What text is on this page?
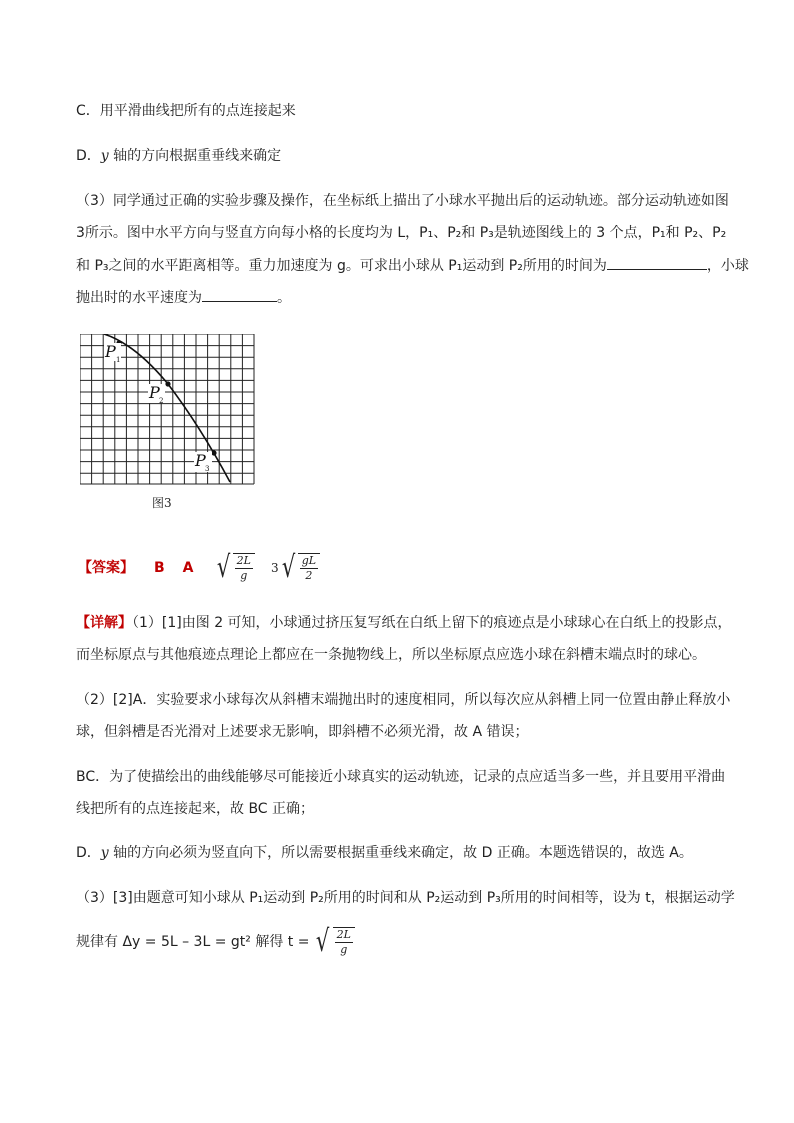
C．用平滑曲线把所有的点连接起来
D．y 轴的方向根据重垂线来确定
（3）同学通过正确的实验步骤及操作，在坐标纸上描出了小球水平抛出后的运动轨迹。部分运动轨迹如图
3所示。图中水平方向与竖直方向每小格的长度均为 L，P₁、P₂和 P₃是轨迹图线上的 3 个点，P₁和 P₂、P₂
和 P₃之间的水平距离相等。重力加速度为 g。可求出小球从 P₁运动到 P₂所用的时间为	，小球
抛出时的水平速度为	。
P 1
P 2
P 3
图3
【答案】 B A √ $\frac{2L}{g} 3$ √ $\frac{gL}{2}$
【详解】（1）[1]由图 2 可知，小球通过挤压复写纸在白纸上留下的痕迹点是小球球心在白纸上的投影点，
而坐标原点与其他痕迹点理论上都应在一条抛物线上，所以坐标原点应选小球在斜槽末端点时的球心。
（2）[2]A．实验要求小球每次从斜槽末端抛出时的速度相同，所以每次应从斜槽上同一位置由静止释放小
球，但斜槽是否光滑对上述要求无影响，即斜槽不必须光滑，故 A 错误；
BC．为了使描绘出的曲线能够尽可能接近小球真实的运动轨迹，记录的点应适当多一些，并且要用平滑曲
线把所有的点连接起来，故 BC 正确；
D．y 轴的方向必须为竖直向下，所以需要根据重垂线来确定，故 D 正确。本题选错误的，故选 A。
（3）[3]由题意可知小球从 P₁运动到 P₂所用的时间和从 P₂运动到 P₃所用的时间相等，设为 t，根据运动学
规律有 Δy = 5L – 3L = gt² 解得 t = √ $\frac{2L}{g}$
